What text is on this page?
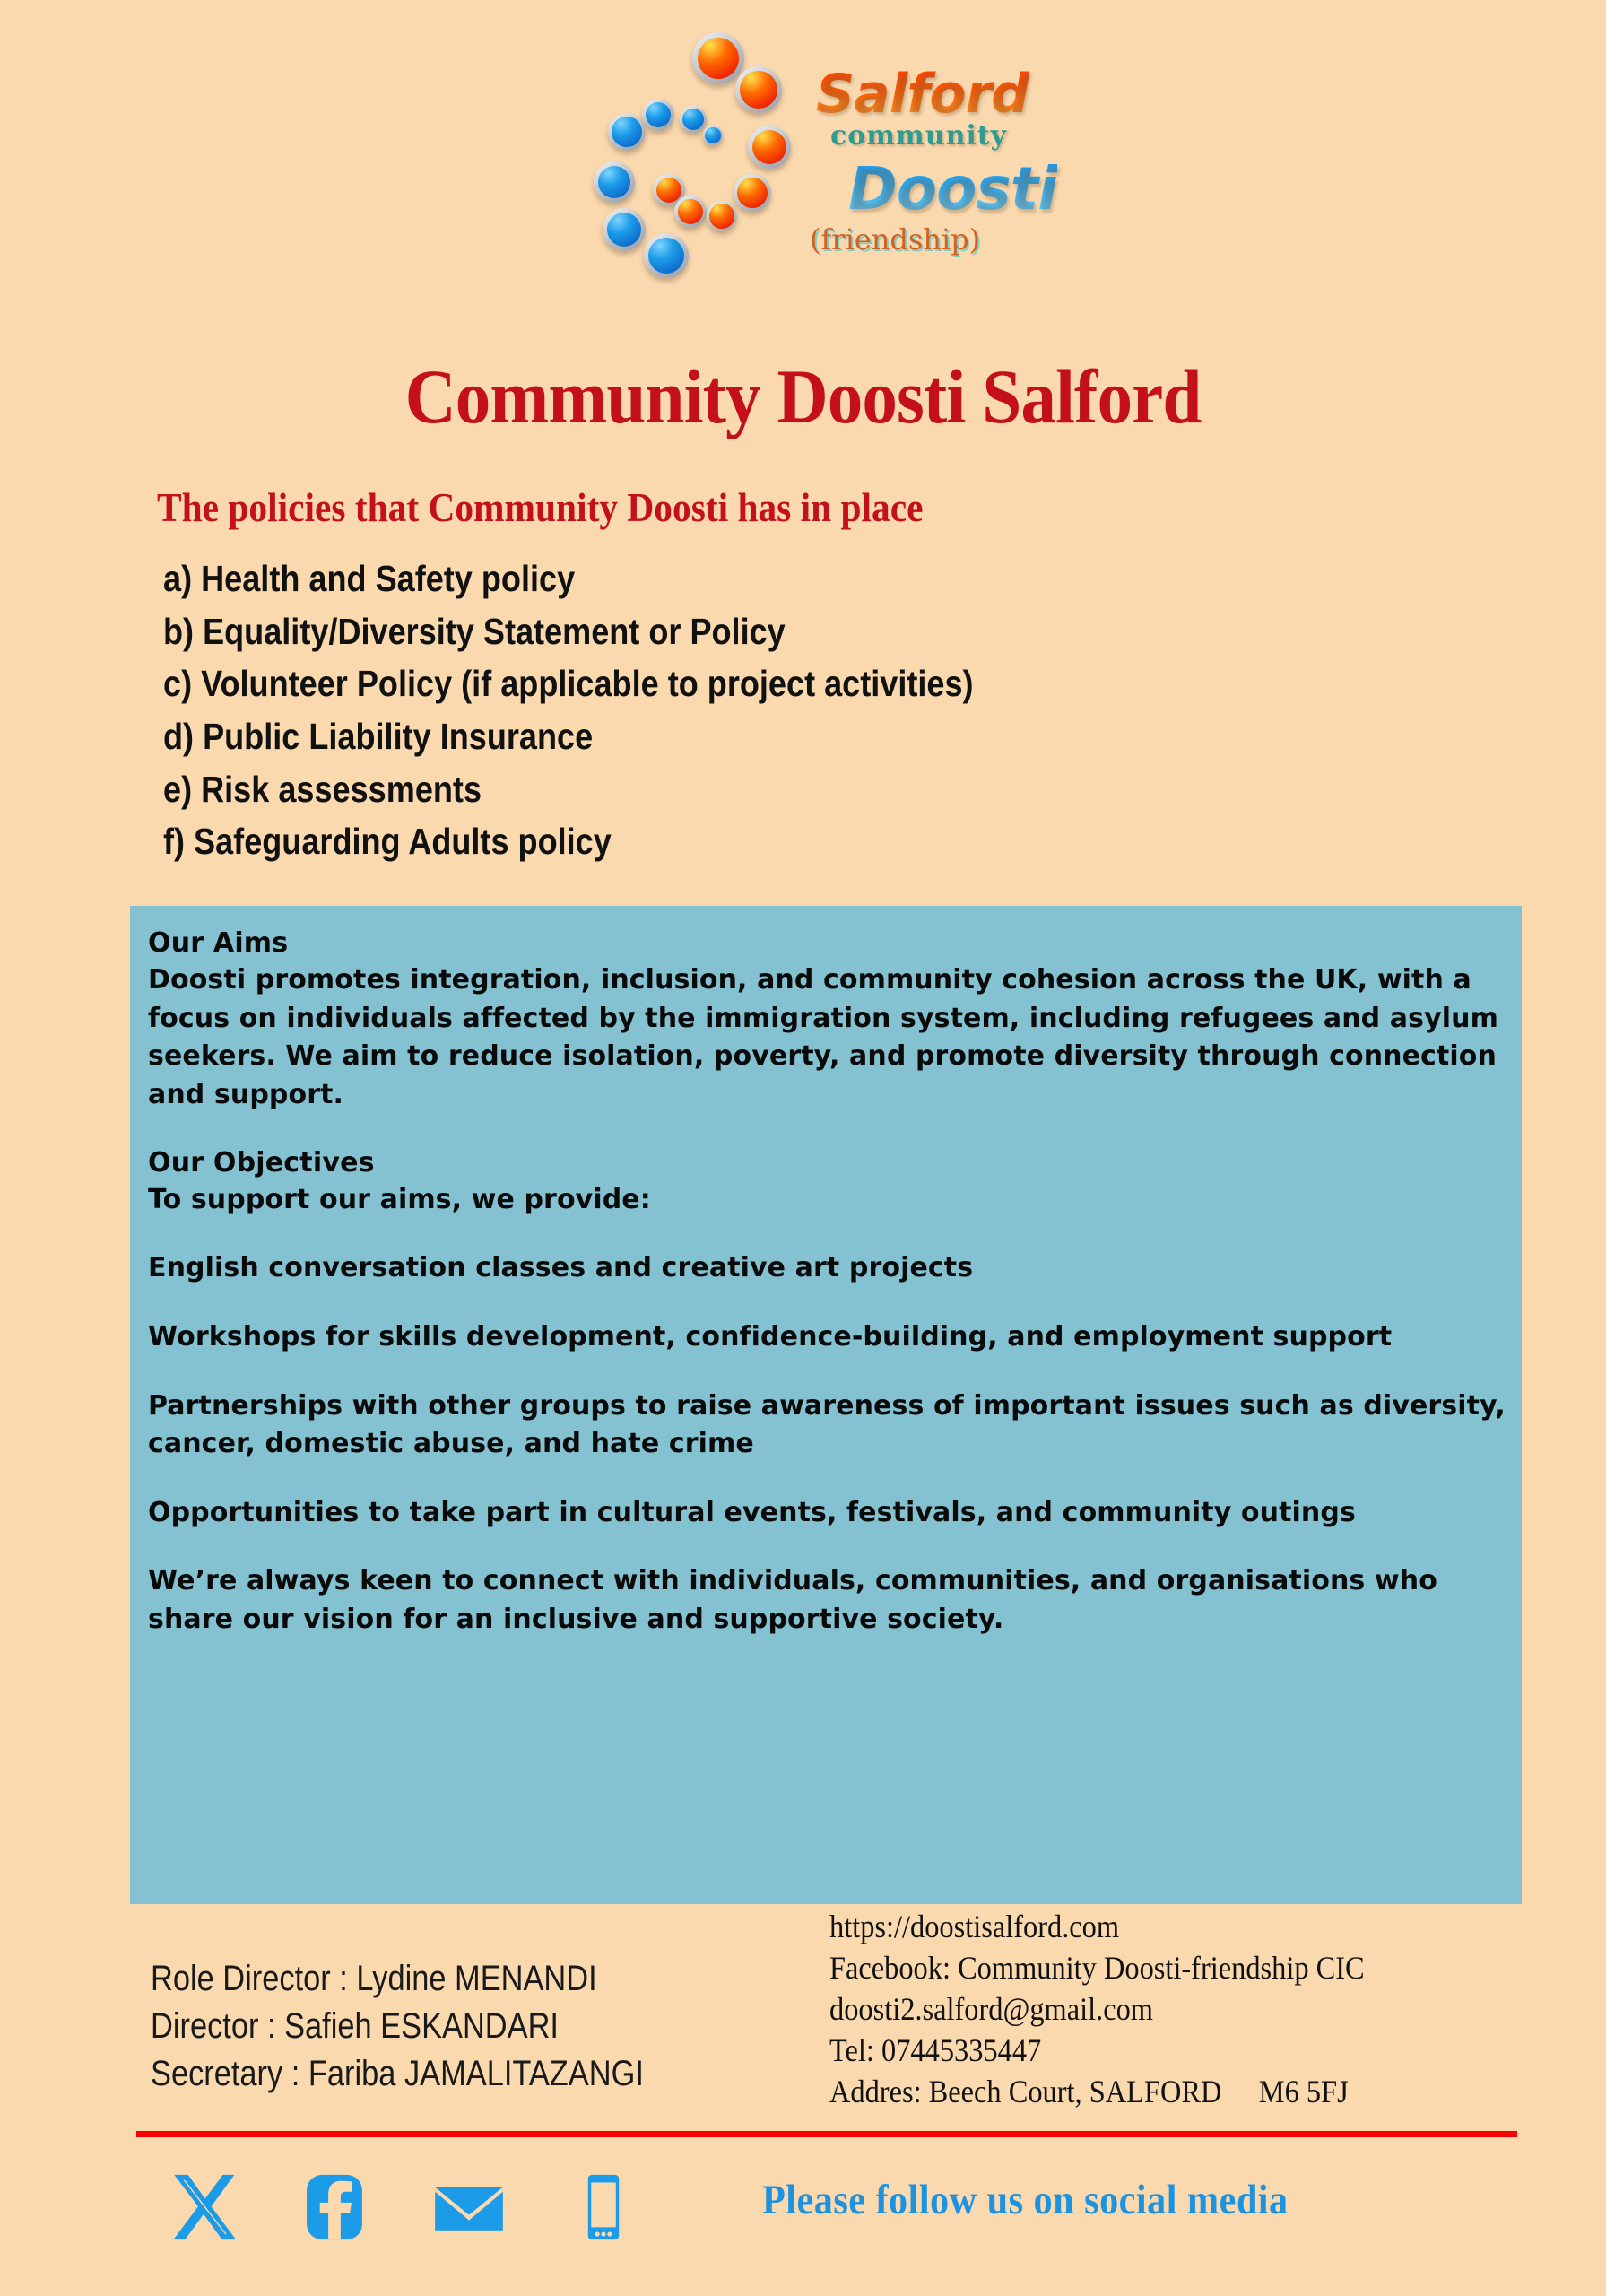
Salford
community
Doosti
(friendship)
Community Doosti Salford
The policies that Community Doosti has in place
a) Health and Safety policy
b) Equality/Diversity Statement or Policy
c) Volunteer Policy (if applicable to project activities)
d) Public Liability Insurance
e) Risk assessments
f) Safeguarding Adults policy
Our Aims
Doosti promotes integration, inclusion, and community cohesion across the UK, with a focus on individuals affected by the immigration system, including refugees and asylum seekers. We aim to reduce isolation, poverty, and promote diversity through connection and support.
Our Objectives
To support our aims, we provide:
English conversation classes and creative art projects
Workshops for skills development, confidence-building, and employment support
Partnerships with other groups to raise awareness of important issues such as diversity, cancer, domestic abuse, and hate crime
Opportunities to take part in cultural events, festivals, and community outings
We’re always keen to connect with individuals, communities, and organisations who share our vision for an inclusive and supportive society.
Role Director : Lydine MENANDI
Director : Safieh ESKANDARI
Secretary : Fariba JAMALITAZANGI
https://doostisalford.com
Facebook: Community Doosti-friendship CIC
doosti2.salford@gmail.com
Tel: 07445335447
Addres: Beech Court, SALFORD M6 5FJ
Please follow us on social media
